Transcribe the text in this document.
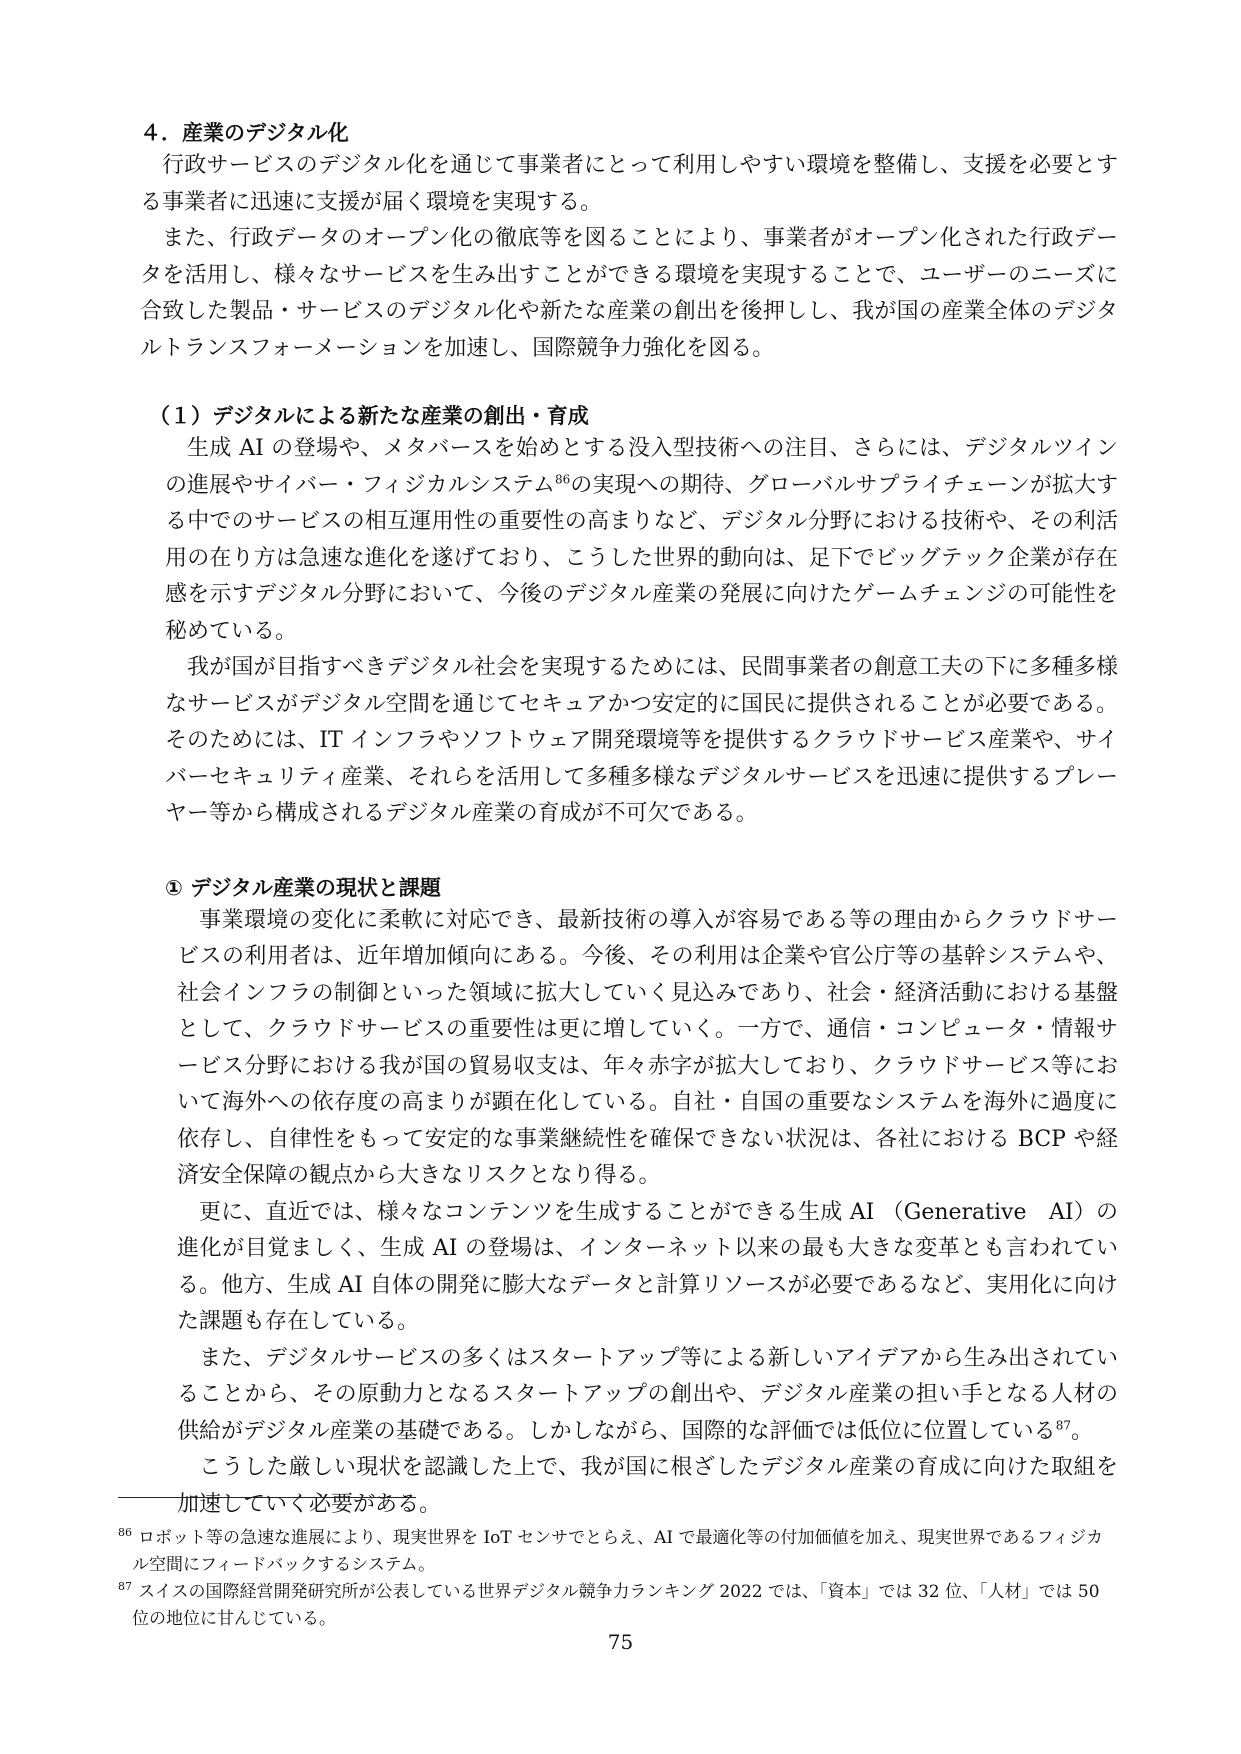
４．産業のデジタル化

行政サービスのデジタル化を通じて事業者にとって利用しやすい環境を整備し、支援を必要とする事業者に迅速に支援が届く環境を実現する。

また、行政データのオープン化の徹底等を図ることにより、事業者がオープン化された行政データを活用し、様々なサービスを生み出すことができる環境を実現することで、ユーザーのニーズに合致した製品・サービスのデジタル化や新たな産業の創出を後押しし、我が国の産業全体のデジタルトランスフォーメーションを加速し、国際競争力強化を図る。

（１）デジタルによる新たな産業の創出・育成

生成 AI の登場や、メタバースを始めとする没入型技術への注目、さらには、デジタルツインの進展やサイバー・フィジカルシステム$^{86}$の実現への期待、グローバルサプライチェーンが拡大する中でのサービスの相互運用性の重要性の高まりなど、デジタル分野における技術や、その利活用の在り方は急速な進化を遂げており、こうした世界的動向は、足下でビッグテック企業が存在感を示すデジタル分野において、今後のデジタル産業の発展に向けたゲームチェンジの可能性を秘めている。

我が国が目指すべきデジタル社会を実現するためには、民間事業者の創意工夫の下に多種多様なサービスがデジタル空間を通じてセキュアかつ安定的に国民に提供されることが必要である。そのためには、IT インフラやソフトウェア開発環境等を提供するクラウドサービス産業や、サイバーセキュリティ産業、それらを活用して多種多様なデジタルサービスを迅速に提供するプレーヤー等から構成されるデジタル産業の育成が不可欠である。

① デジタル産業の現状と課題

事業環境の変化に柔軟に対応でき、最新技術の導入が容易である等の理由からクラウドサービスの利用者は、近年増加傾向にある。今後、その利用は企業や官公庁等の基幹システムや、社会インフラの制御といった領域に拡大していく見込みであり、社会・経済活動における基盤として、クラウドサービスの重要性は更に増していく。一方で、通信・コンピュータ・情報サービス分野における我が国の貿易収支は、年々赤字が拡大しており、クラウドサービス等において海外への依存度の高まりが顕在化している。自社・自国の重要なシステムを海外に過度に依存し、自律性をもって安定的な事業継続性を確保できない状況は、各社における BCP や経済安全保障の観点から大きなリスクとなり得る。

更に、直近では、様々なコンテンツを生成することができる生成 AI （Generative　AI）の進化が目覚ましく、生成 AI の登場は、インターネット以来の最も大きな変革とも言われている。他方、生成 AI 自体の開発に膨大なデータと計算リソースが必要であるなど、実用化に向けた課題も存在している。

また、デジタルサービスの多くはスタートアップ等による新しいアイデアから生み出されていることから、その原動力となるスタートアップの創出や、デジタル産業の担い手となる人材の供給がデジタル産業の基礎である。しかしながら、国際的な評価では低位に位置している$^{87}$。

こうした厳しい現状を認識した上で、我が国に根ざしたデジタル産業の育成に向けた取組を加速していく必要がある。

$^{86}$ ロボット等の急速な進展により、現実世界を IoT センサでとらえ、AI で最適化等の付加価値を加え、現実世界であるフィジカル空間にフィードバックするシステム。
$^{87}$ スイスの国際経営開発研究所が公表している世界デジタル競争力ランキング 2022 では、「資本」では 32 位、「人材」では 50 位の地位に甘んじている。
75
